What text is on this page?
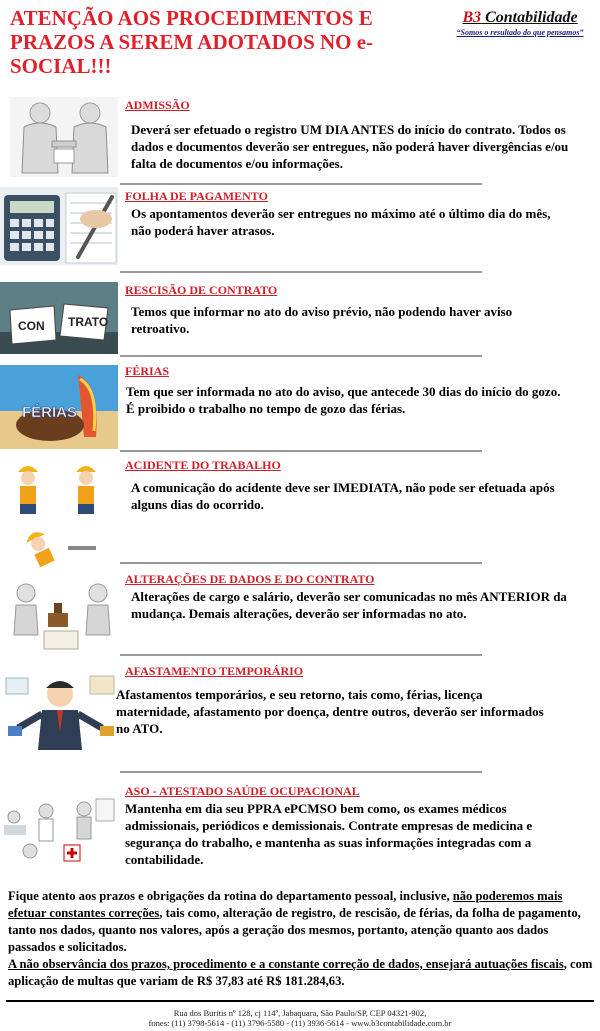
ATENÇÃO AOS PROCEDIMENTOS E PRAZOS A SEREM ADOTADOS NO e-SOCIAL!!!
B3 Contabilidade
“Somos o resultado do que pensamos”
ADMISSÃO
Deverá ser efetuado o registro UM DIA ANTES do início do contrato. Todos os dados e documentos deverão ser entregues, não poderá haver divergências e/ou falta de documentos e/ou informações.
FOLHA DE PAGAMENTO
Os apontamentos deverão ser entregues no máximo até o último dia do mês, não poderá haver atrasos.
CON TRATO
RESCISÃO DE CONTRATO
Temos que informar no ato do aviso prévio, não podendo haver aviso retroativo.
FÉRIAS
FÉRIAS
Tem que ser informada no ato do aviso, que antecede 30 dias do início do gozo. É proibido o trabalho no tempo de gozo das férias.
ACIDENTE DO TRABALHO
A comunicação do acidente deve ser IMEDIATA, não pode ser efetuada após alguns dias do ocorrido.
ALTERAÇÕES DE DADOS E DO CONTRATO
Alterações de cargo e salário, deverão ser comunicadas no mês ANTERIOR da mudança. Demais alterações, deverão ser informadas no ato.
AFASTAMENTO TEMPORÁRIO
Afastamentos temporários, e seu retorno, tais como, férias, licença maternidade, afastamento por doença, dentre outros, deverão ser informados no ATO.
ASO - ATESTADO SAÚDE OCUPACIONAL
Mantenha em dia seu PPRA ePCMSO bem como, os exames médicos admissionais, periódicos e demissionais. Contrate empresas de medicina e segurança do trabalho, e mantenha as suas informações integradas com a contabilidade.
Fique atento aos prazos e obrigações da rotina do departamento pessoal, inclusive, não poderemos mais efetuar constantes correções, tais como, alteração de registro, de rescisão, de férias, da folha de pagamento, tanto nos dados, quanto nos valores, após a geração dos mesmos, portanto, atenção quanto aos dados passados e solicitados.
A não observância dos prazos, procedimento e a constante correção de dados, ensejará autuações fiscais, com aplicação de multas que variam de R$ 37,83 até R$ 181.284,63.
Rua dos Buritis nº 128, cj 114º, Jabaquara, São Paulo/SP, CEP 04321-902,
fones: (11) 3798-5614 - (11) 3796-5580 - (11) 3936-5614 - www.b3contabilidade.com.br
